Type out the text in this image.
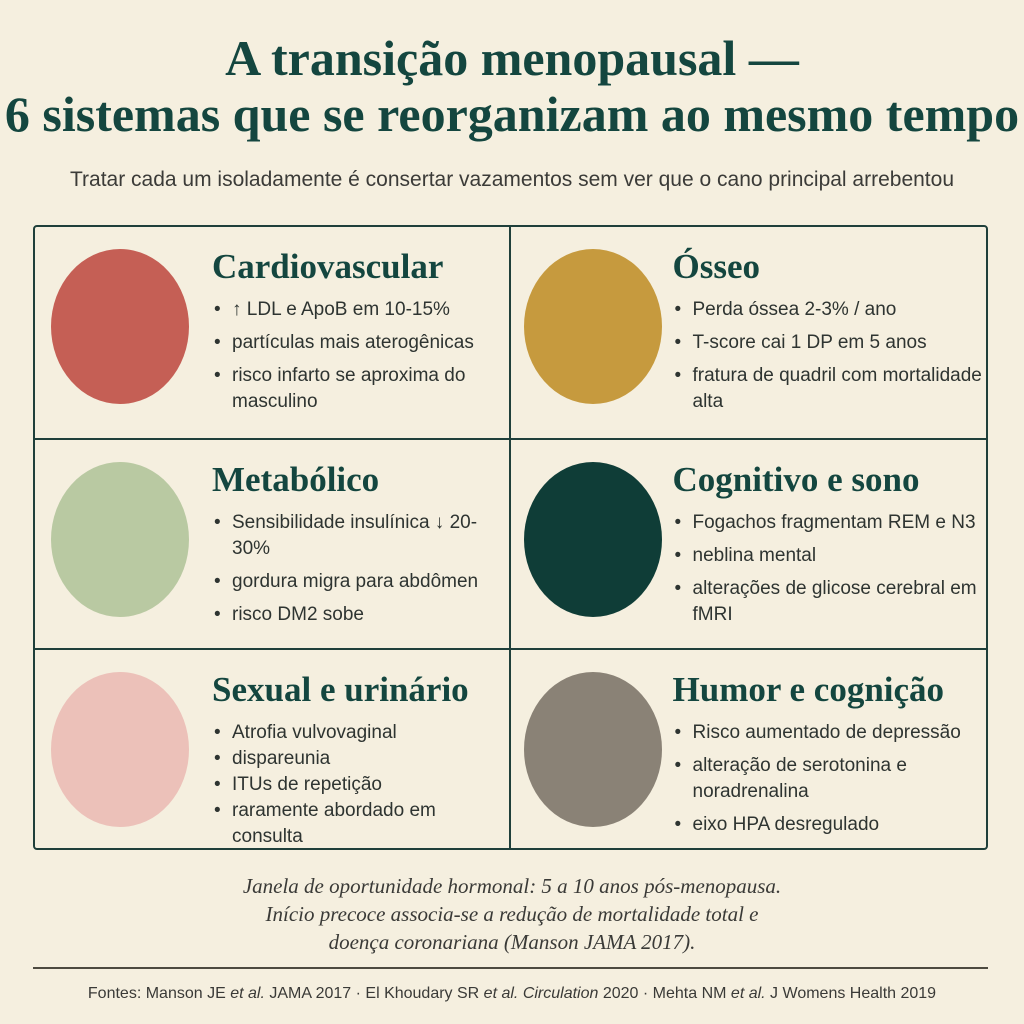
A transição menopausal —
6 sistemas que se reorganizam ao mesmo tempo

Tratar cada um isoladamente é consertar vazamentos sem ver que o cano principal arrebentou

Cardiovascular
• ↑ LDL e ApoB em 10-15%
• partículas mais aterogênicas
• risco infarto se aproxima do masculino
Ósseo
• Perda óssea 2-3% / ano
• T-score cai 1 DP em 5 anos
• fratura de quadril com mortalidade alta
Metabólico
• Sensibilidade insulínica ↓ 20-30%
• gordura migra para abdômen
• risco DM2 sobe
Cognitivo e sono
• Fogachos fragmentam REM e N3
• neblina mental
• alterações de glicose cerebral em fMRI
Sexual e urinário
• Atrofia vulvovaginal
• dispareunia
• ITUs de repetição
• raramente abordado em consulta
Humor e cognição
• Risco aumentado de depressão
• alteração de serotonina e noradrenalina
• eixo HPA desregulado
Janela de oportunidade hormonal: 5 a 10 anos pós-menopausa.
Início precoce associa-se a redução de mortalidade total e
doença coronariana (Manson JAMA 2017).
Fontes: Manson JE et al. JAMA 2017 · El Khoudary SR et al. Circulation 2020 · Mehta NM et al. J Womens Health 2019
